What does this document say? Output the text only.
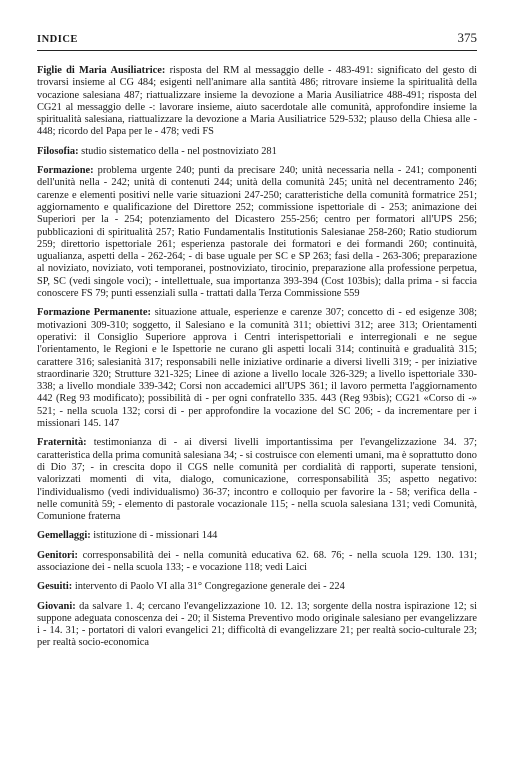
INDICE	375

Figlie di Maria Ausiliatrice: risposta del RM al messaggio delle - 483-491: significato del gesto di trovarsi insieme al CG 484; esigenti nell'animare alla santità 486; ritrovare insieme la spiritualità della vocazione salesiana 487; riattualizzare insieme la devozione a Maria Ausiliatrice 488-491; risposta del CG21 al messaggio delle -: lavorare insieme, aiuto sacerdotale alle comunità, approfondire insieme la spiritualità salesiana, riattualizzare la devozione a Maria Ausiliatrice 529-532; plauso della Chiesa alle - 448; ricordo del Papa per le - 478; vedi FS

Filosofia: studio sistematico della - nel postnoviziato 281

Formazione: problema urgente 240; punti da precisare 240; unità necessaria nella - 241; componenti dell'unità nella - 242; unità di contenuti 244; unità della comunità 245; unità nel decentramento 246; carenze e elementi positivi nelle varie situazioni 247-250; caratteristiche della comunità formatrice 251; aggiornamento e qualificazione del Direttore 252; commissione ispettoriale di - 253; animazione dei Superiori per la - 254; potenziamento del Dicastero 255-256; centro per formatori all'UPS 256; pubblicazioni di spiritualità 257; Ratio Fundamentalis Institutionis Salesianae 258-260; Ratio studiorum 259; direttorio ispettoriale 261; esperienza pastorale dei formatori e dei formandi 260; continuità, ugualianza, aspetti della - 262-264; - di base uguale per SC e SP 263; fasi della - 263-306; preparazione al noviziato, noviziato, voti temporanei, postnoviziato, tirocinio, preparazione alla professione perpetua, SP, SC (vedi singole voci); - intellettuale, sua importanza 393-394 (Cost 103bis); dalla prima - si faccia conoscere FS 79; punti essenziali sulla - trattati dalla Terza Commissione 559

Formazione Permanente: situazione attuale, esperienze e carenze 307; concetto di - ed esigenze 308; motivazioni 309-310; soggetto, il Salesiano e la comunità 311; obiettivi 312; aree 313; Orientamenti operativi: il Consiglio Superiore approva i Centri interispettoriali e interregionali e ne segue l'orientamento, le Regioni e le Ispettorie ne curano gli aspetti locali 314; continuità e gradualità 315; carattere 316; salesianità 317; responsabili nelle iniziative ordinarie a diversi livelli 319; - per iniziative straordinarie 320; Strutture 321-325; Linee di azione a livello locale 326-329; a livello ispettoriale 330-338; a livello mondiale 339-342; Corsi non accademici all'UPS 361; il lavoro permetta l'aggiornamento 442 (Reg 93 modificato); possibilità di - per ogni confratello 335. 443 (Reg 93bis); CG21 «Corso di -» 521; - nella scuola 132; corsi di - per approfondire la vocazione del SC 206; - da incrementare per i missionari 145. 147

Fraternità: testimonianza di - ai diversi livelli importantissima per l'evangelizzazione 34. 37; caratteristica della prima comunità salesiana 34; - si costruisce con elementi umani, ma è soprattutto dono di Dio 37; - in crescita dopo il CGS nelle comunità per cordialità di rapporti, superate tensioni, valorizzati momenti di vita, dialogo, comunicazione, corresponsabilità 35; aspetto negativo: l'individualismo (vedi individualismo) 36-37; incontro e colloquio per favorire la - 58; verifica della - nelle comunità 59; - elemento di pastorale vocazionale 115; - nella scuola salesiana 131; vedi Comunità, Comunione fraterna

Gemellaggi: istituzione di - missionari 144

Genitori: corresponsabilità dei - nella comunità educativa 62. 68. 76; - nella scuola 129. 130. 131; associazione dei - nella scuola 133; - e vocazione 118; vedi Laici

Gesuiti: intervento di Paolo VI alla 31° Congregazione generale dei - 224

Giovani: da salvare 1. 4; cercano l'evangelizzazione 10. 12. 13; sorgente della nostra ispirazione 12; si suppone adeguata conoscenza dei - 20; il Sistema Preventivo modo originale salesiano per evangelizzare i - 14. 31; - portatori di valori evangelici 21; difficoltà di evangelizzare 21; per realtà socio-culturale 23; per realtà socio-economica
